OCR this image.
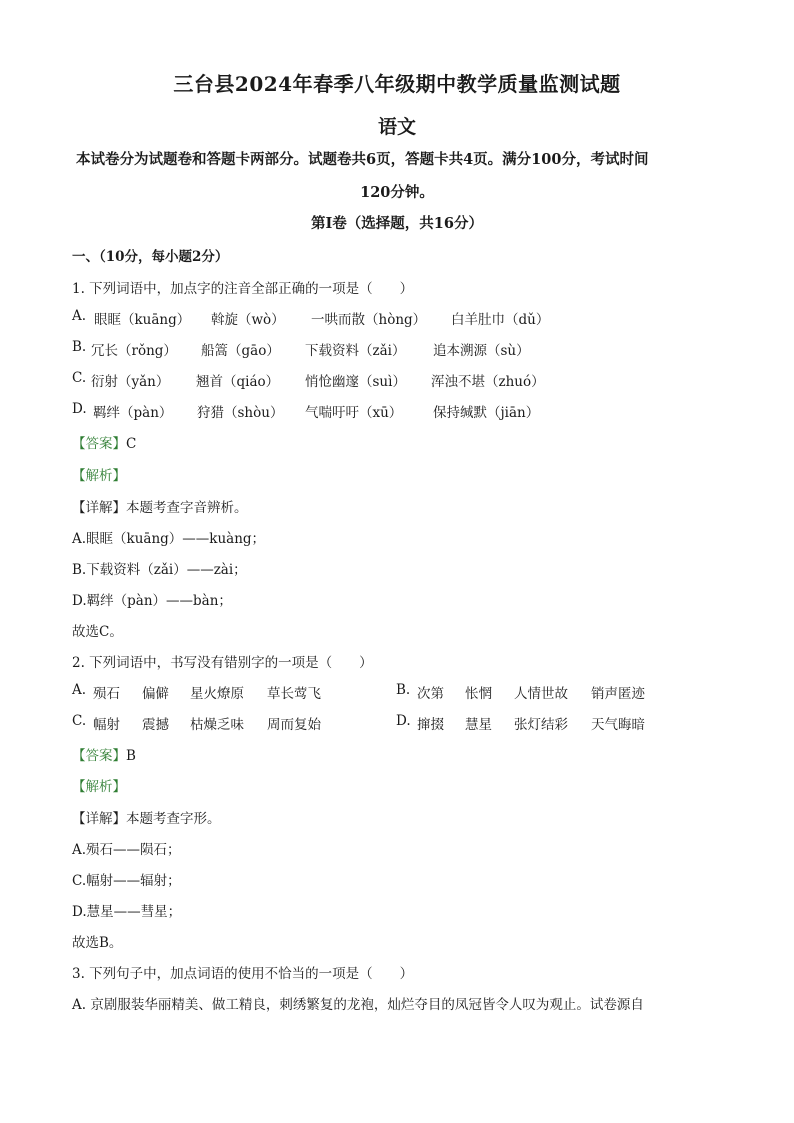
三台县2024年春季八年级期中教学质量监测试题
语文
本试卷分为试题卷和答题卡两部分。试题卷共6页，答题卡共4页。满分100分，考试时间
120分钟。
第Ⅰ卷（选择题，共16分）
一、（10分，每小题2分）
1. 下列词语中，加点字的注音全部正确的一项是（　　）
A. 眼眶（kuāng） 斡旋（wò） 一哄而散（hòng） 白羊肚巾（dǔ）
B. 冗长（rǒng） 船篙（gāo） 下载资料（zǎi） 追本溯源（sù）
C. 衍射（yǎn） 翘首（qiáo） 悄怆幽邃（suì） 浑浊不堪（zhuó）
D. 羁绊（pàn） 狩猎（shòu） 气喘吁吁（xū） 保持缄默（jiān）
【答案】C
【解析】
【详解】本题考查字音辨析。
A.眼眶（kuāng）——kuàng；
B.下载资料（zǎi）——zài；
D.羁绊（pàn）——bàn；
故选C。
2. 下列词语中，书写没有错别字的一项是（　　）
A. 殒石 偏僻 星火燎原 草长莺飞	B. 次第 怅惘 人情世故 销声匿迹
C. 幅射 震撼 枯燥乏味 周而复始	D. 撺掇 慧星 张灯结彩 天气晦暗
【答案】B
【解析】
【详解】本题考查字形。
A.殒石——陨石；
C.幅射——辐射；
D.慧星——彗星；
故选B。
3. 下列句子中，加点词语的使用不恰当的一项是（　　）
A. 京剧服装华丽精美、做工精良，刺绣繁复的龙袍，灿烂夺目的凤冠皆令人叹为观止。试卷源自
